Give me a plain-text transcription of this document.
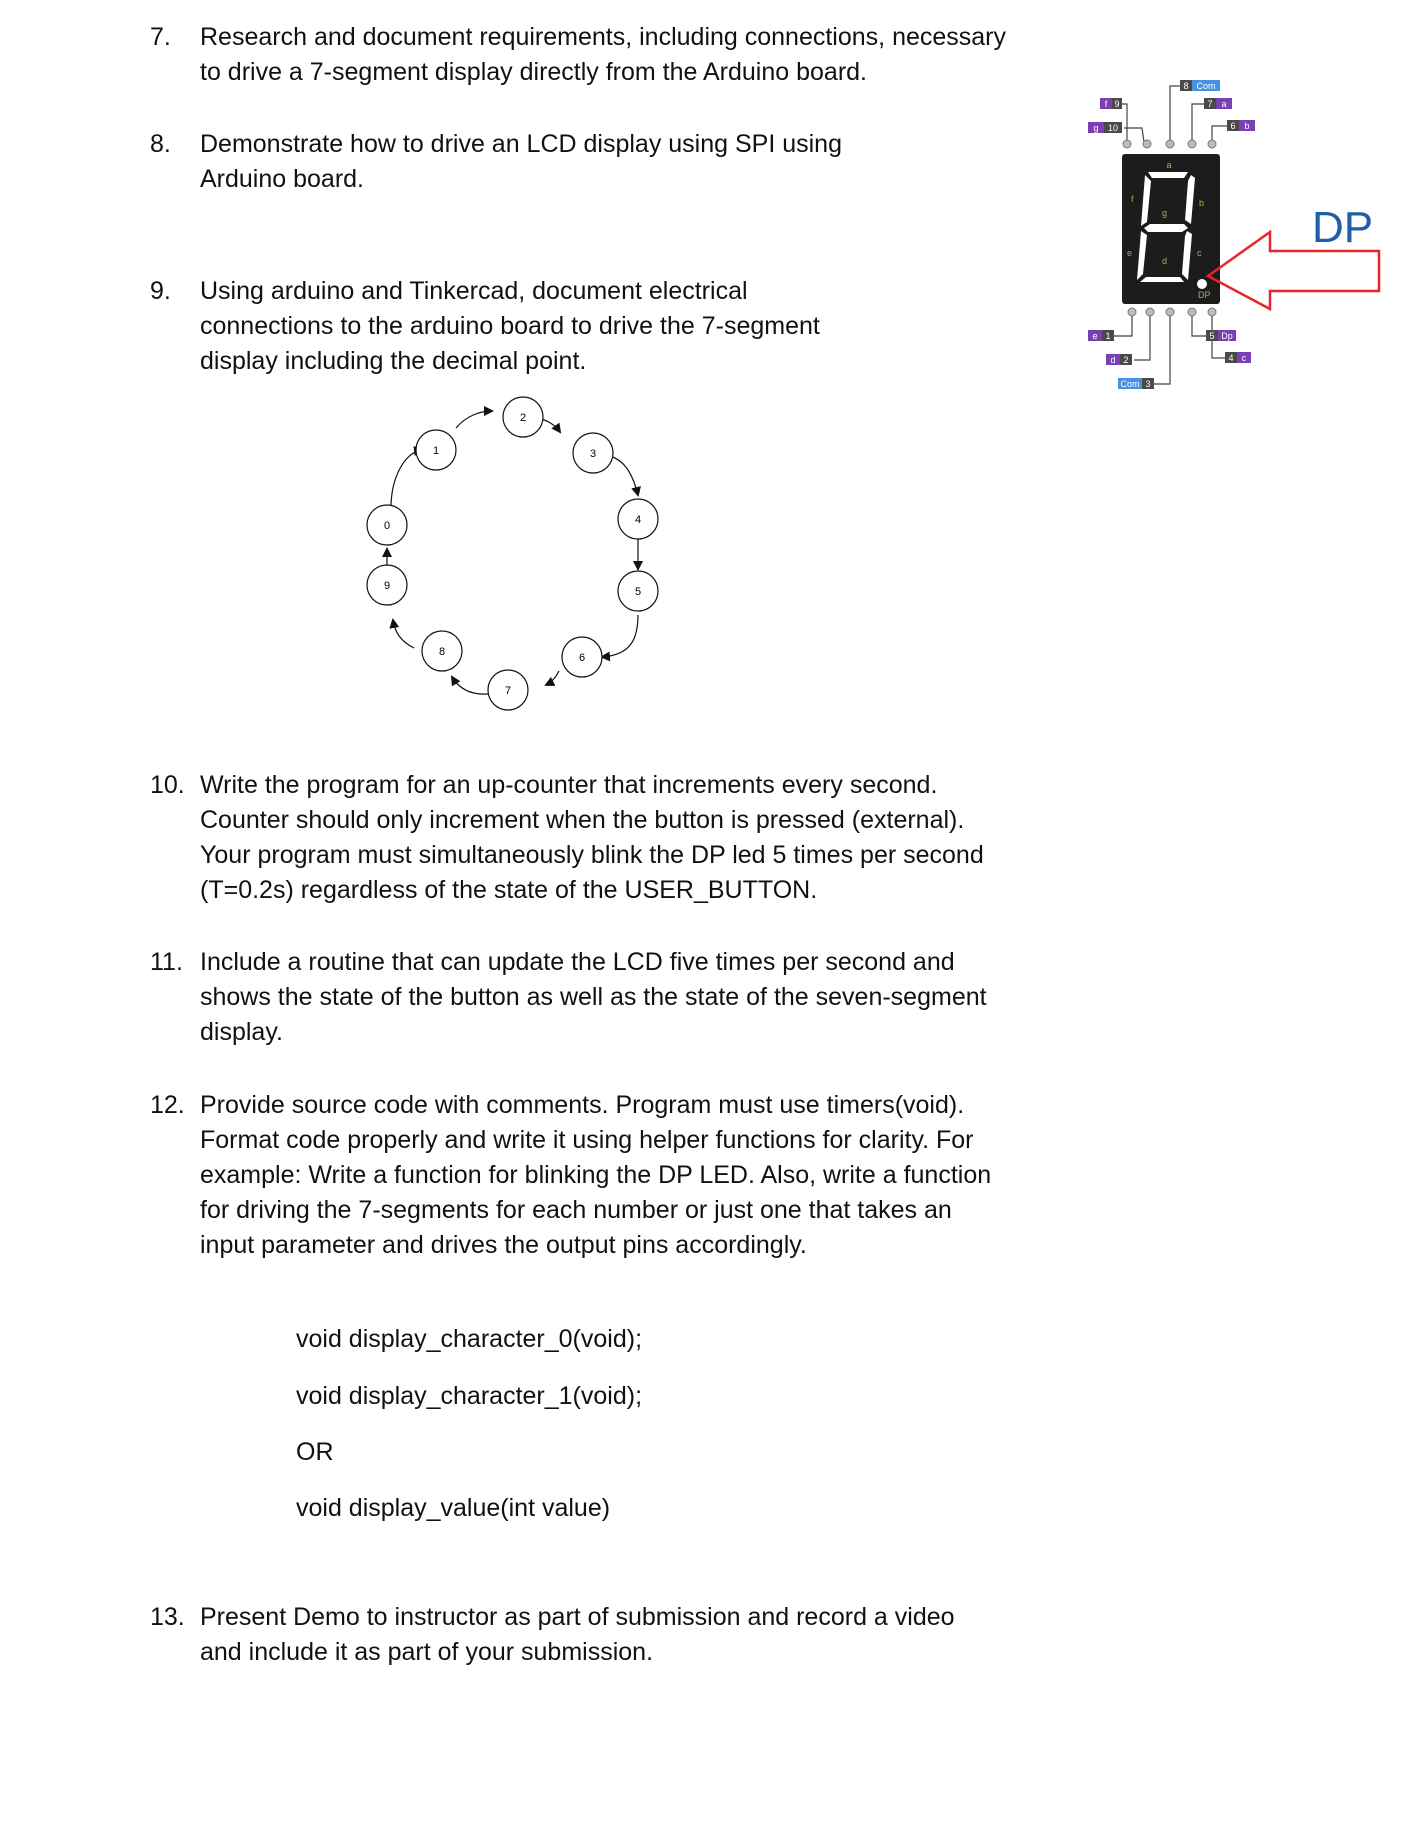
7. Research and document requirements, including connections, necessary
to drive a 7-segment display directly from the Arduino board.
8. Demonstrate how to drive an LCD display using SPI using
Arduino board.
9. Using arduino and Tinkercad, document electrical
connections to the arduino board to drive the 7-segment
display including the decimal point.
0
1
2
3
4
5
6
7
8
9
a
b
c
d
e
f
g
DP
f 9
g 10
8 Com
7 a
6 b
e 1
d 2
Com 3
5 Dp
4 c
DP
10. Write the program for an up-counter that increments every second.
Counter should only increment when the button is pressed (external).
Your program must simultaneously blink the DP led 5 times per second
(T=0.2s) regardless of the state of the USER_BUTTON.
11. Include a routine that can update the LCD five times per second and
shows the state of the button as well as the state of the seven-segment
display.
12. Provide source code with comments. Program must use timers(void).
Format code properly and write it using helper functions for clarity. For
example: Write a function for blinking the DP LED. Also, write a function
for driving the 7-segments for each number or just one that takes an
input parameter and drives the output pins accordingly.
void display_character_0(void);
void display_character_1(void);
OR
void display_value(int value)
13. Present Demo to instructor as part of submission and record a video
and include it as part of your submission.
